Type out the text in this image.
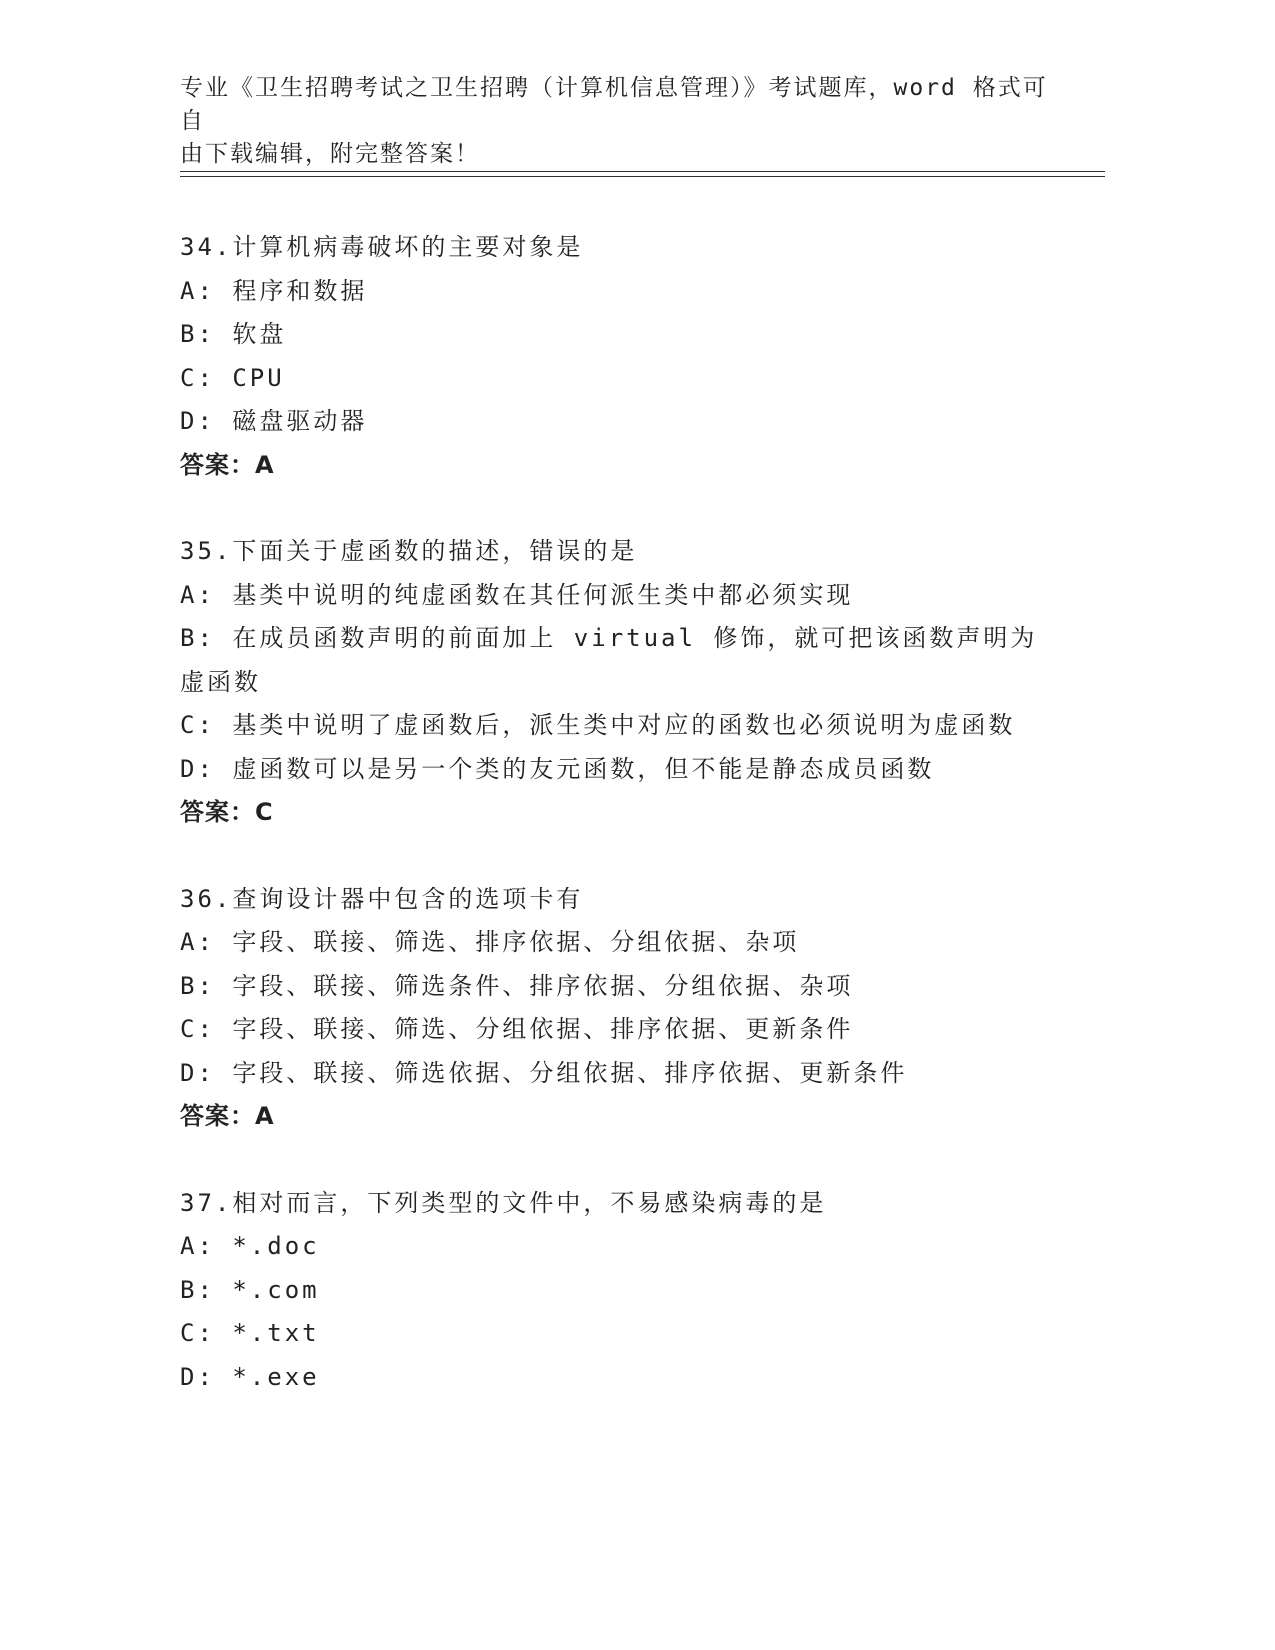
专业《卫生招聘考试之卫生招聘（计算机信息管理）》考试题库，word 格式可自
由下载编辑，附完整答案！
34.计算机病毒破坏的主要对象是
A: 程序和数据
B: 软盘
C: CPU
D: 磁盘驱动器
答案：A
35.下面关于虚函数的描述，错误的是
A: 基类中说明的纯虚函数在其任何派生类中都必须实现
B: 在成员函数声明的前面加上 virtual 修饰，就可把该函数声明为虚函数
C: 基类中说明了虚函数后，派生类中对应的函数也必须说明为虚函数
D: 虚函数可以是另一个类的友元函数，但不能是静态成员函数
答案：C
36.查询设计器中包含的选项卡有
A: 字段、联接、筛选、排序依据、分组依据、杂项
B: 字段、联接、筛选条件、排序依据、分组依据、杂项
C: 字段、联接、筛选、分组依据、排序依据、更新条件
D: 字段、联接、筛选依据、分组依据、排序依据、更新条件
答案：A
37.相对而言，下列类型的文件中，不易感染病毒的是
A: *.doc
B: *.com
C: *.txt
D: *.exe
